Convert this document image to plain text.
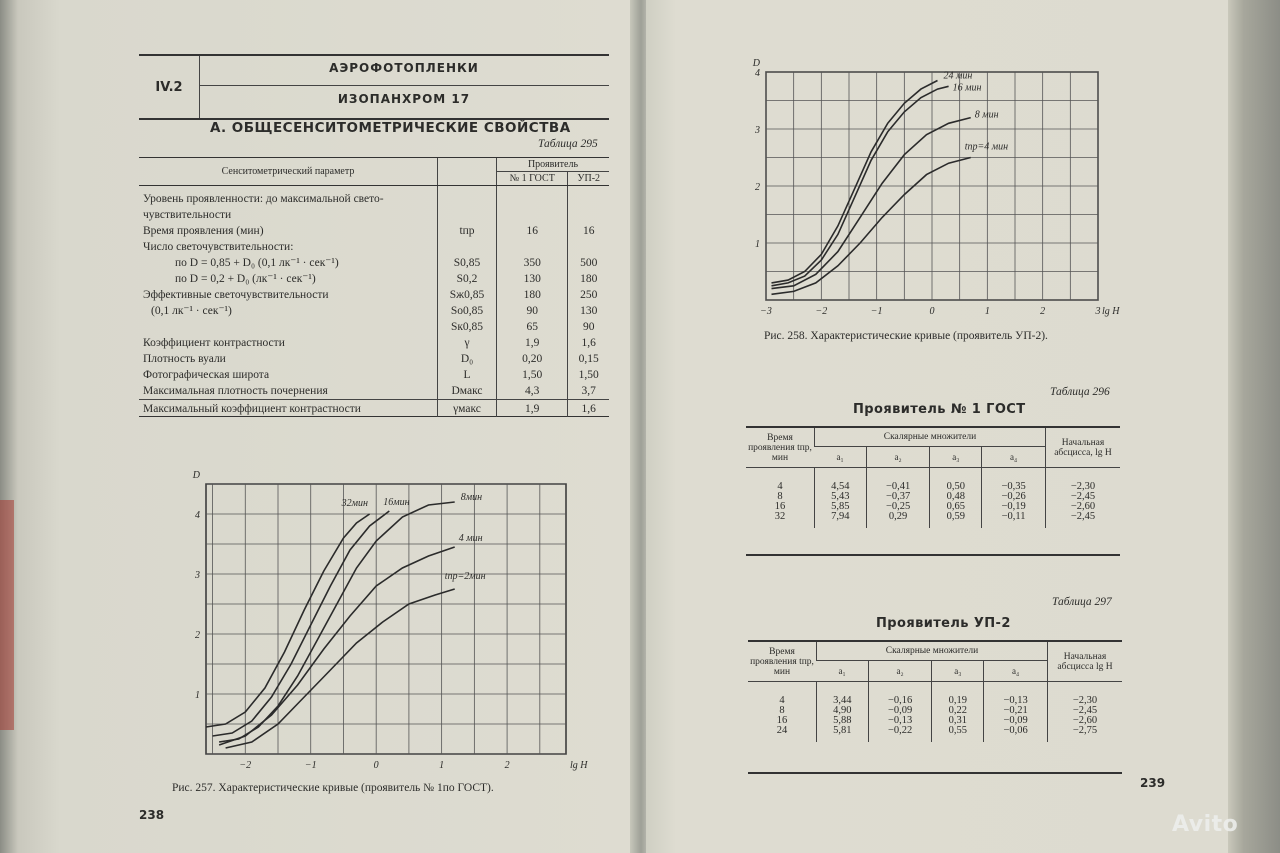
IV.2
АЭРОФОТОПЛЕНКИ
ИЗОПАНХРОМ 17
А. ОБЩЕСЕНСИТОМЕТРИЧЕСКИЕ СВОЙСТВА
Таблица 295
Сенситометрический параметр		Проявитель	
		№ 1 ГОСТ	УП-2
Уровень проявленности: до максимальной свето-			
чувствительности			
Время проявления (мин)	tпр	16	16
Число светочувствительности:			
по D = 0,85 + D₀ (0,1 лк⁻¹ · сек⁻¹)	S0,85	350	500
по D = 0,2 + D₀ (лк⁻¹ · сек⁻¹)	S0,2	130	180
Эффективные светочувствительности	Sж0,85	180	250
(0,1 лк⁻¹ · сек⁻¹)	Sо0,85	90	130
	Sк0,85	65	90
Коэффициент контрастности	γ	1,9	1,6
Плотность вуали	D₀	0,20	0,15
Фотографическая широта	L	1,50	1,50
Максимальная плотность почернения	Dмакс	4,3	3,7
Максимальный коэффициент контрастности	γмакс	1,9	1,6
−2	−1	0	1	2
1
2
3
4
lg H
D
32мин 16мин	8мин
4 мин
tпр=2мин
Рис. 257. Характеристические кривые (проявитель № 1по ГОСТ).
238
−3	−2	−1	0	1	2	3
1
2
3
4
lg H
D
24 мин
16 мин
8 мин
tпр=4 мин
Рис. 258. Характеристические кривые (проявитель УП-2).
Таблица 296
Проявитель № 1 ГОСТ
Время проявления tпр, мин	Скалярные множители				Начальная абсцисса, lg H
	a₁	a₂	a₃	a₄	
4	4,54	−0,41	0,50	−0,35	−2,30
8	5,43	−0,37	0,48	−0,26	−2,45
16	5,85	−0,25	0,65	−0,19	−2,60
32	7,94	0,29	0,59	−0,11	−2,45
Таблица 297
Проявитель УП-2
Время проявления tпр, мин	Скалярные множители				Начальная абсцисса lg H
	a₁	a₂	a₃	a₄	
4	3,44	−0,16	0,19	−0,13	−2,30
8	4,90	−0,09	0,22	−0,21	−2,45
16	5,88	−0,13	0,31	−0,09	−2,60
24	5,81	−0,22	0,55	−0,06	−2,75
239
Avito
